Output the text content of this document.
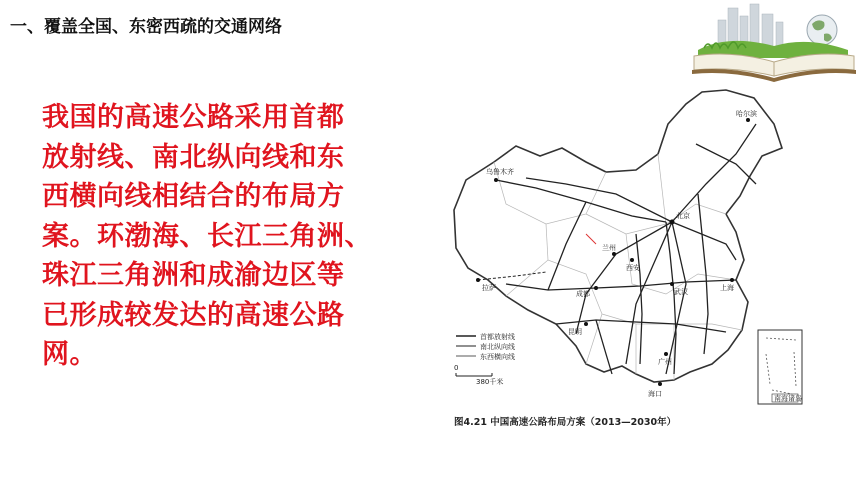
一、覆盖全国、东密西疏的交通网络
我国的高速公路采用首都
放射线、南北纵向线和东
西横向线相结合的布局方
案。环渤海、长江三角洲、
珠江三角洲和成渝边区等
已形成较发达的高速公路
网。
乌鲁木齐
拉萨
成都
昆明
北京
上海
广州
海口
哈尔滨
兰州
西安
武汉
首都放射线
南北纵向线
东西横向线
0
380千米
南海诸岛
图4.21 中国高速公路布局方案（2013—2030年）
